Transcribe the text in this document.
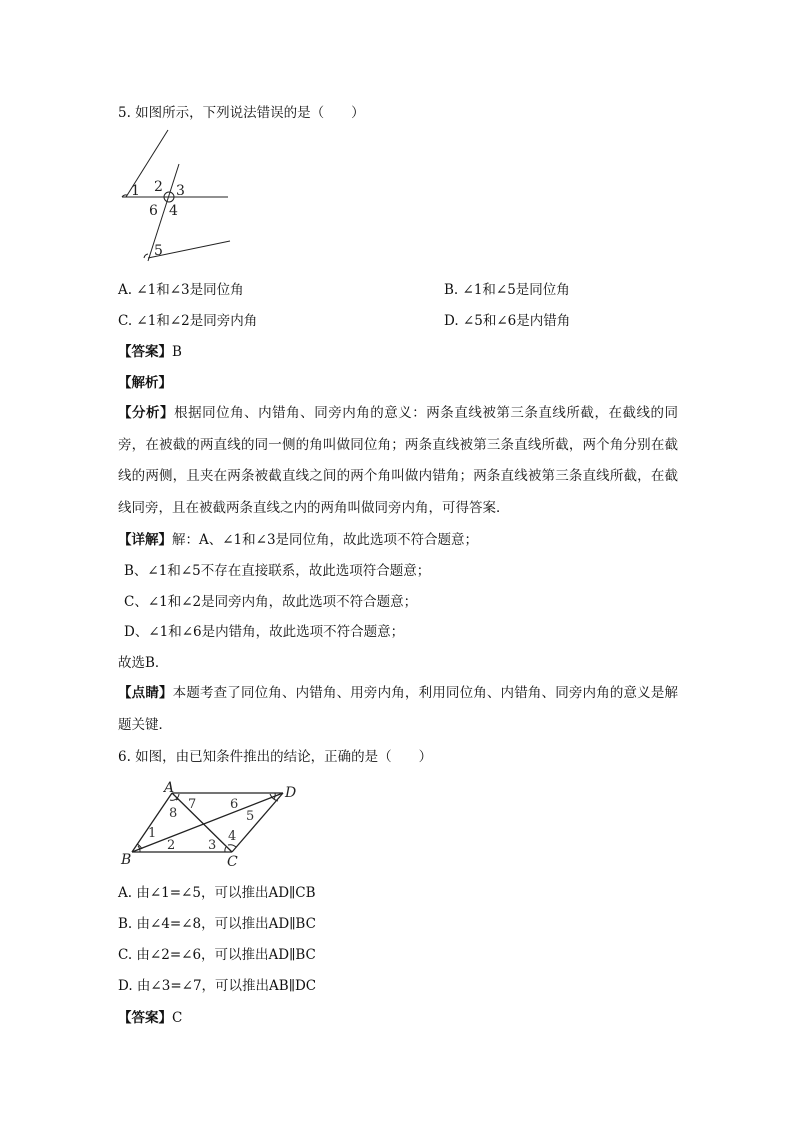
5. 如图所示，下列说法错误的是（　　）
1 2 3
6 4
5
A. ∠1和∠3是同位角	B. ∠1和∠5是同位角
C. ∠1和∠2是同旁内角	D. ∠5和∠6是内错角
【答案】B
【解析】
【分析】根据同位角、内错角、同旁内角的意义：两条直线被第三条直线所截，在截线的同旁，在被截的两直线的同一侧的角叫做同位角；两条直线被第三条直线所截，两个角分别在截线的两侧，且夹在两条被截直线之间的两个角叫做内错角；两条直线被第三条直线所截，在截线同旁，且在被截两条直线之内的两角叫做同旁内角，可得答案．
【详解】解：A、∠1和∠3是同位角，故此选项不符合题意；
B、∠1和∠5不存在直接联系，故此选项符合题意；
C、∠1和∠2是同旁内角，故此选项不符合题意；
D、∠1和∠6是内错角，故此选项不符合题意；
故选B．
【点睛】本题考查了同位角、内错角、用旁内角，利用同位角、内错角、同旁内角的意义是解题关键．
6. 如图，由已知条件推出的结论，正确的是（　　）
A	D
B	C
7	6
8	5
1	4
2	3
A. 由∠1=∠5，可以推出AD∥CB
B. 由∠4=∠8，可以推出AD∥BC
C. 由∠2=∠6，可以推出AD∥BC
D. 由∠3=∠7，可以推出AB∥DC
【答案】C
